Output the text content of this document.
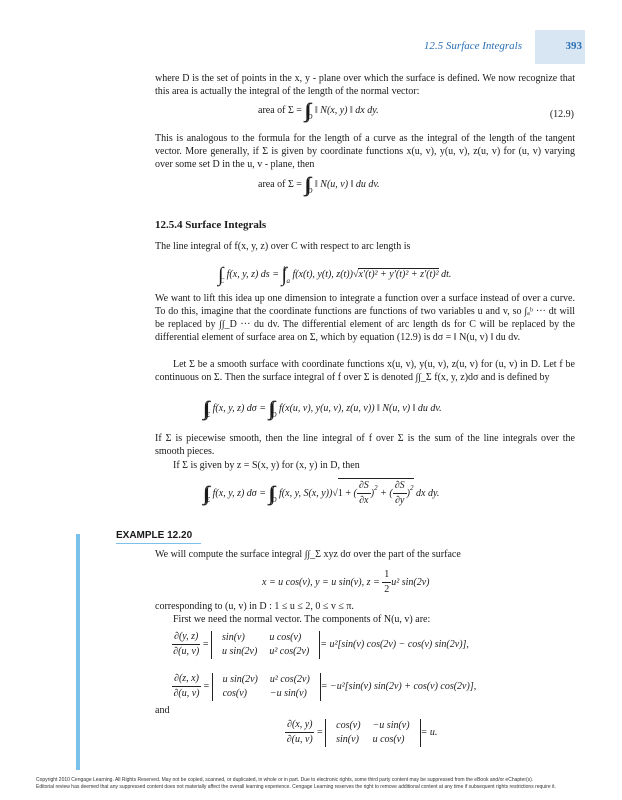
12.5 Surface Integrals	393

where D is the set of points in the x, y - plane over which the surface is defined. We now recognize that this area is actually the integral of the length of the normal vector:

area of $\Sigma = \int\int_D$ ‖ N(x, y) ‖ dx dy.	(12.9)

This is analogous to the formula for the length of a curve as the integral of the length of the tangent vector. More generally, if Σ is given by coordinate functions x(u, v), y(u, v), z(u, v) for (u, v) varying over some set D in the u, v - plane, then

area of $\Sigma = \int\int_D$ ‖ N(u, v) ‖ du dv.
12.5.4 Surface Integrals

The line integral of f(x, y, z) over C with respect to arc length is

$\int_C$ f(x, y, z) ds = ∫$^b_a$ f(x(t), y(t), z(t))√x′(t)² + y′(t)² + z′(t)² dt.

We want to lift this idea up one dimension to integrate a function over a surface instead of over a curve. To do this, imagine that the coordinate functions are functions of two variables u and v, so ∫ₐᵇ ··· dt will be replaced by ∫∫_D ··· du dv. The differential element of arc length ds for C will be replaced by the differential element of surface area on Σ, which by equation (12.9) is dσ = ‖ N(u, v) ‖ du dv.

Let Σ be a smooth surface with coordinate functions x(u, v), y(u, v), z(u, v) for (u, v) in D. Let f be continuous on Σ. Then the surface integral of f over Σ is denoted ∫∫_Σ f(x, y, z)dσ and is defined by

$\int\int_\Sigma$ f(x, y, z) $d\sigma = \int\int_D$ f(x(u, v), y(u, v), z(u, v)) ‖ N(u, v) ‖ du dv.

If Σ is piecewise smooth, then the line integral of f over Σ is the sum of the line integrals over the smooth pieces.

If Σ is given by z = S(x, y) for (x, y) in D, then

$\int\int_\Sigma$ f(x, y, z) $d\sigma = \int\int_D$ f(x, y, S(x, y))√1 + ( $\frac{\partial S}{\partial x} )^2$ + ( $\frac{\partial S}{\partial y} )^2$ dx dy.
EXAMPLE 12.20

We will compute the surface integral ∫∫_Σ xyz dσ over the part of the surface

x = u cos(v), y = u sin(v), $z = \frac{1}{2} u^2$ sin(2v)

corresponding to (u, v) in D : 1 ≤ u ≤ 2, 0 ≤ v ≤ π.

First we need the normal vector. The components of N(u, v) are:

$\frac{\partial(y, z)}{\partial(u, v)}$ =
sin(v)	u cos(v)
u sin(2v)	u² cos(2v)
= u²[sin(v) cos(2v) − cos(v) sin(2v)],
$\frac{\partial(z, x)}{\partial(u, v)}$ =
u sin(2v)	u² cos(2v)
cos(v)	−u sin(v)
= −u²[sin(v) sin(2v) + cos(v) cos(2v)],

and

$\frac{\partial(x, y)}{\partial(u, v)}$ =
cos(v)	−u sin(v)
sin(v)	u cos(v)
= u.
Copyright 2010 Cengage Learning. All Rights Reserved. May not be copied, scanned, or duplicated, in whole or in part. Due to electronic rights, some third party content may be suppressed from the eBook and/or eChapter(s).
Editorial review has deemed that any suppressed content does not materially affect the overall learning experience. Cengage Learning reserves the right to remove additional content at any time if subsequent rights restrictions require it.
